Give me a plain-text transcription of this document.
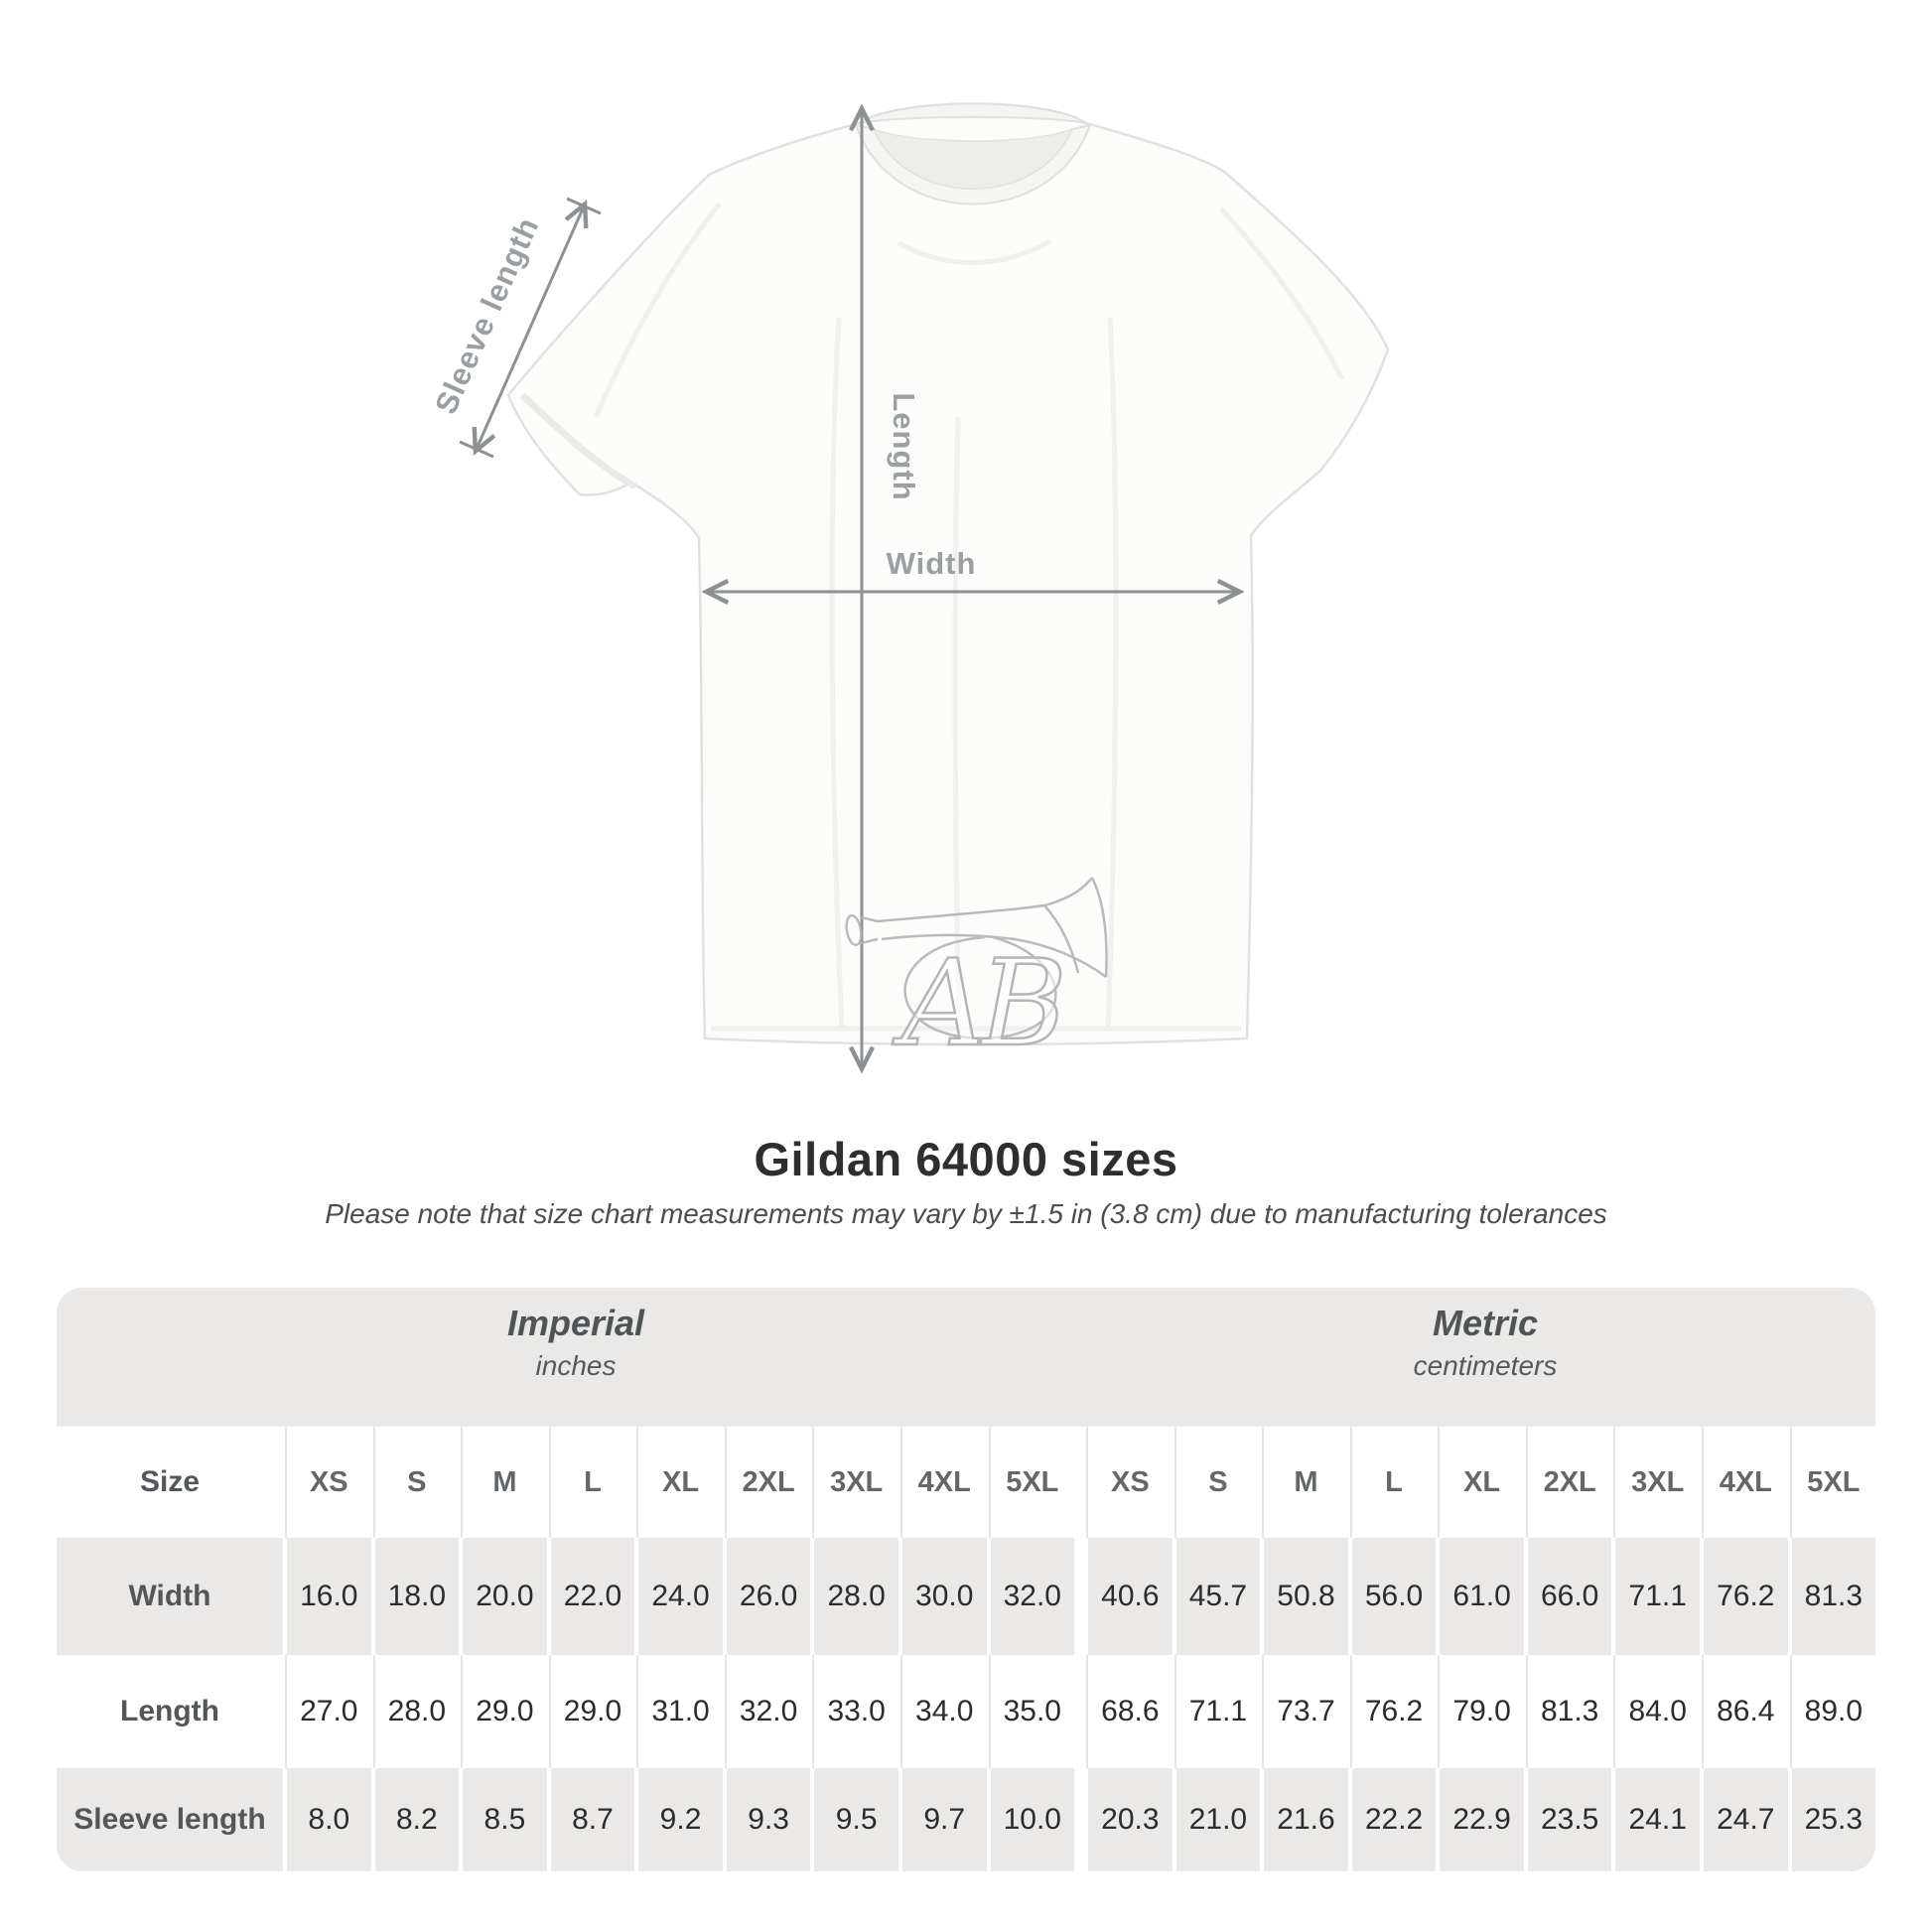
Width
Length
Sleeve length
AB
Gildan 64000 sizes
Please note that size chart measurements may vary by ±1.5 in (3.8 cm) due to manufacturing tolerances
Imperial
inches
Metric
centimeters
Size	XS	S	M	L	XL	2XL	3XL	4XL	5XL	XS	S	M	L	XL	2XL	3XL	4XL	5XL
Width	16.0	18.0	20.0	22.0	24.0	26.0	28.0	30.0	32.0	40.6	45.7	50.8	56.0	61.0	66.0	71.1	76.2	81.3
Length	27.0	28.0	29.0	29.0	31.0	32.0	33.0	34.0	35.0	68.6	71.1	73.7	76.2	79.0	81.3	84.0	86.4	89.0
Sleeve length	8.0	8.2	8.5	8.7	9.2	9.3	9.5	9.7	10.0	20.3	21.0	21.6	22.2	22.9	23.5	24.1	24.7	25.3
